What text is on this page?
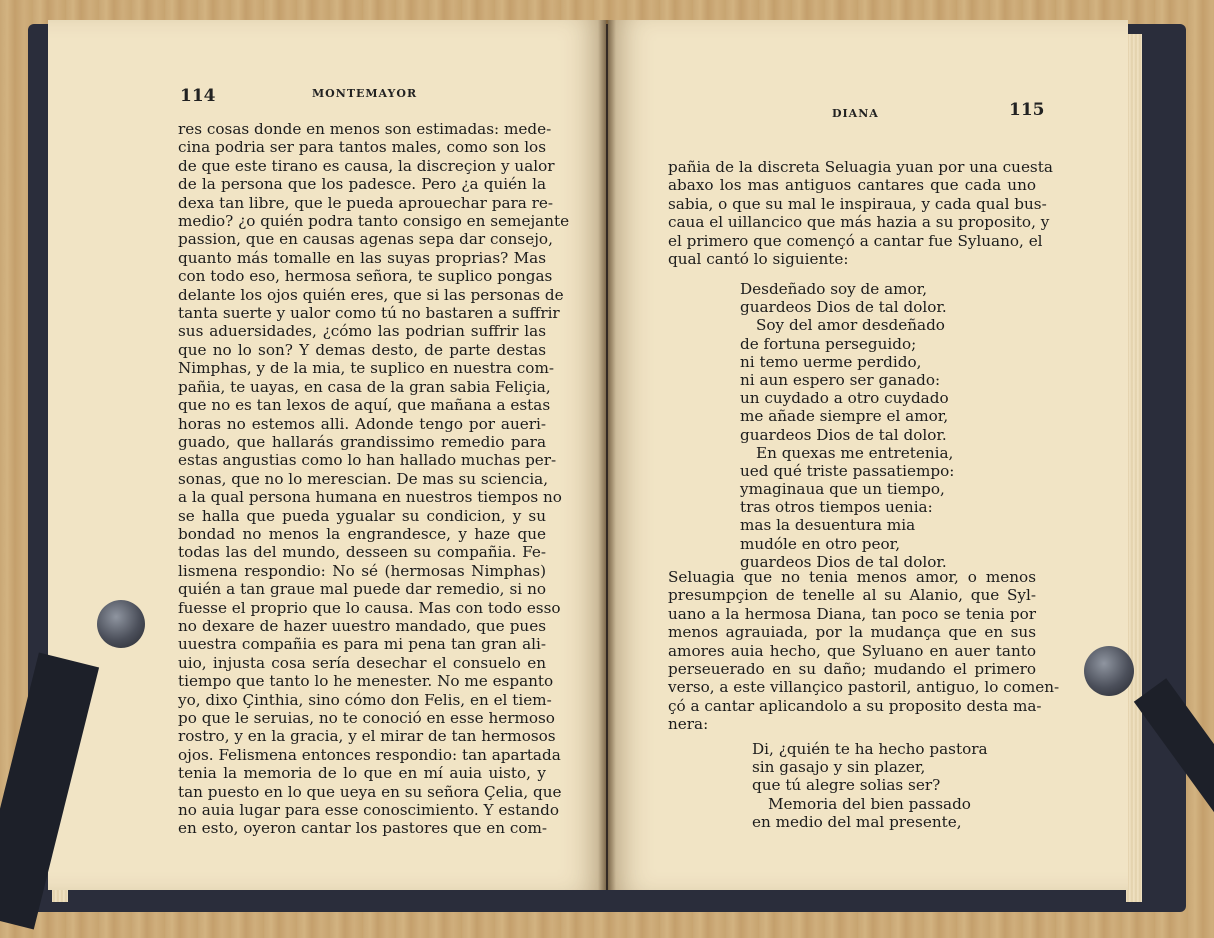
114	MONTEMAYOR
res cosas donde en menos son estimadas: mede-
cina podria ser para tantos males, como son los
de que este tirano es causa, la discreçion y ualor
de la persona que los padesce. Pero ¿a quién la
dexa tan libre, que le pueda aprouechar para re-
medio? ¿o quién podra tanto consigo en semejante
passion, que en causas agenas sepa dar consejo,
quanto más tomalle en las suyas proprias? Mas
con todo eso, hermosa señora, te suplico pongas
delante los ojos quién eres, que si las personas de
tanta suerte y ualor como tú no bastaren a suffrir
sus aduersidades, ¿cómo las podrian suffrir las
que no lo son? Y demas desto, de parte destas
Nimphas, y de la mia, te suplico en nuestra com-
pañia, te uayas, en casa de la gran sabia Feliçia,
que no es tan lexos de aquí, que mañana a estas
horas no estemos alli. Adonde tengo por aueri-
guado, que hallarás grandissimo remedio para
estas angustias como lo han hallado muchas per-
sonas, que no lo merescian. De mas su sciencia,
a la qual persona humana en nuestros tiempos no
se halla que pueda ygualar su condicion, y su
bondad no menos la engrandesce, y haze que
todas las del mundo, desseen su compañia. Fe-
lismena respondio: No sé (hermosas Nimphas)
quién a tan graue mal puede dar remedio, si no
fuesse el proprio que lo causa. Mas con todo esso
no dexare de hazer uuestro mandado, que pues
uuestra compañia es para mi pena tan gran ali-
uio, injusta cosa sería desechar el consuelo en
tiempo que tanto lo he menester. No me espanto
yo, dixo Çinthia, sino cómo don Felis, en el tiem-
po que le seruias, no te conoció en esse hermoso
rostro, y en la gracia, y el mirar de tan hermosos
ojos. Felismena entonces respondio: tan apartada
tenia la memoria de lo que en mí auia uisto, y
tan puesto en lo que ueya en su señora Çelia, que
no auia lugar para esse conoscimiento. Y estando
en esto, oyeron cantar los pastores que en com-
DIANA	115
pañia de la discreta Seluagia yuan por una cuesta
abaxo los mas antiguos cantares que cada uno
sabia, o que su mal le inspiraua, y cada qual bus-
caua el uillancico que más hazia a su proposito, y
el primero que començó a cantar fue Syluano, el
qual cantó lo siguiente:
Desdeñado soy de amor,
guardeos Dios de tal dolor.
Soy del amor desdeñado
de fortuna perseguido;
ni temo uerme perdido,
ni aun espero ser ganado:
un cuydado a otro cuydado
me añade siempre el amor,
guardeos Dios de tal dolor.
En quexas me entretenia,
ued qué triste passatiempo:
ymaginaua que un tiempo,
tras otros tiempos uenia:
mas la desuentura mia
mudóle en otro peor,
guardeos Dios de tal dolor.
Seluagia que no tenia menos amor, o menos
presumpçion de tenelle al su Alanio, que Syl-
uano a la hermosa Diana, tan poco se tenia por
menos agrauiada, por la mudança que en sus
amores auia hecho, que Syluano en auer tanto
perseuerado en su daño; mudando el primero
verso, a este villançico pastoril, antiguo, lo comen-
çó a cantar aplicandolo a su proposito desta ma-
nera:
Di, ¿quién te ha hecho pastora
sin gasajo y sin plazer,
que tú alegre solias ser?
Memoria del bien passado
en medio del mal presente,
